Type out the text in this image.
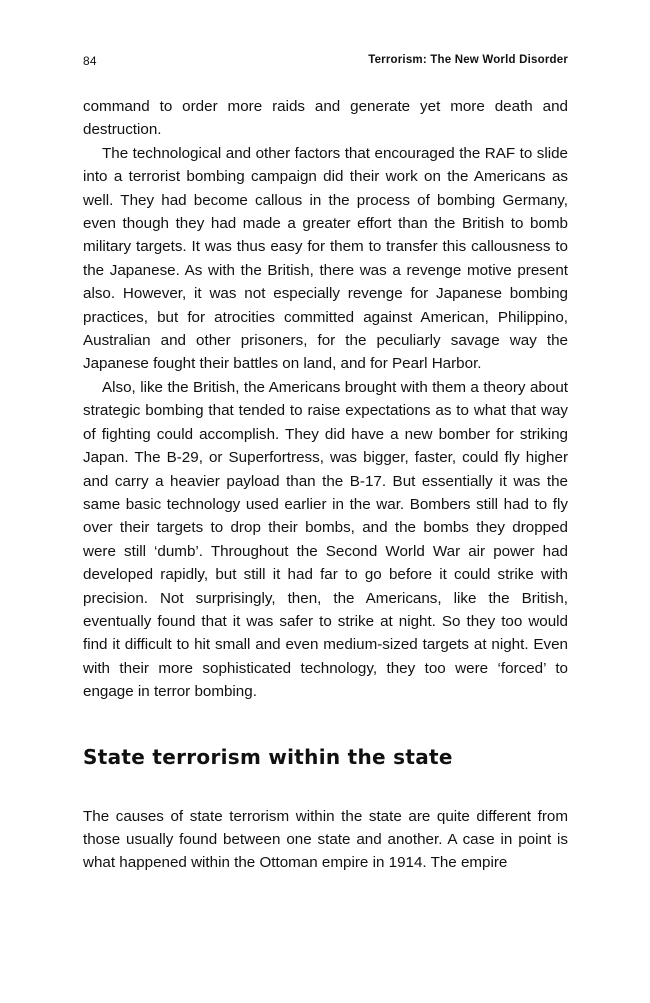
84	Terrorism: The New World Disorder

command to order more raids and generate yet more death and destruction.

The technological and other factors that encouraged the RAF to slide into a terrorist bombing campaign did their work on the Americans as well. They had become callous in the process of bombing Germany, even though they had made a greater effort than the British to bomb military targets. It was thus easy for them to transfer this callousness to the Japanese. As with the British, there was a revenge motive present also. However, it was not especially revenge for Japanese bombing practices, but for atrocities committed against American, Philippino, Australian and other prisoners, for the peculiarly savage way the Japanese fought their battles on land, and for Pearl Harbor.

Also, like the British, the Americans brought with them a theory about strategic bombing that tended to raise expectations as to what that way of fighting could accomplish. They did have a new bomber for striking Japan. The B-29, or Superfortress, was bigger, faster, could fly higher and carry a heavier payload than the B-17. But essentially it was the same basic technology used earlier in the war. Bombers still had to fly over their targets to drop their bombs, and the bombs they dropped were still ‘dumb’. Throughout the Second World War air power had developed rapidly, but still it had far to go before it could strike with precision. Not surprisingly, then, the Americans, like the British, eventually found that it was safer to strike at night. So they too would find it difficult to hit small and even medium-sized targets at night. Even with their more sophisticated technology, they too were ‘forced’ to engage in terror bombing.

State terrorism within the state

The causes of state terrorism within the state are quite different from those usually found between one state and another. A case in point is what happened within the Ottoman empire in 1914. The empire
